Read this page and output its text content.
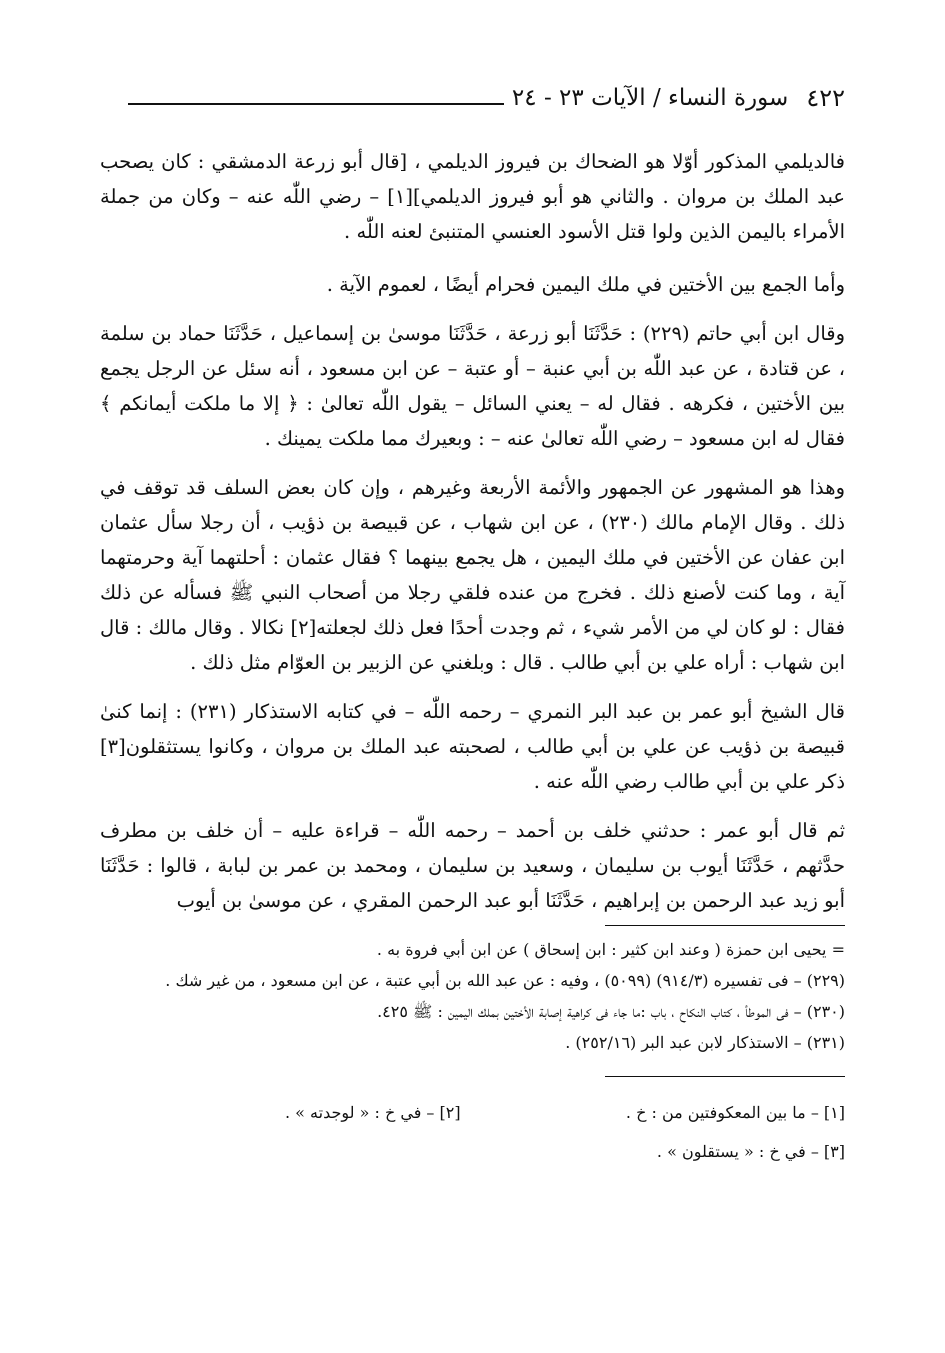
٤٢٢
سورة النساء / الآيات ٢٣ - ٢٤

فالديلمي المذكور أوّلا هو الضحاك بن فيروز الديلمي ، [قال أبو زرعة الدمشقي : كان يصحب عبد الملك بن مروان . والثاني هو أبو فيروز الديلمي]‏[١] – رضي اللّٰه عنه – وكان من جملة الأمراء باليمن الذين ولوا قتل الأسود العنسي المتنبئ لعنه اللّٰه .

وأما الجمع بين الأختين في ملك اليمين فحرام أيضًا ، لعموم الآية .

وقال ابن أبي حاتم (٢٢٩) : حَدَّثَنَا أبو زرعة ، حَدَّثَنَا موسىٰ بن إسماعيل ، حَدَّثَنَا حماد بن سلمة ، عن قتادة ، عن عبد اللّٰه بن أبي عنبة – أو عتبة – عن ابن مسعود ، أنه سئل عن الرجل يجمع بين الأختين ، فكرهه . فقال له – يعني السائل – يقول اللّٰه تعالىٰ : ﴿ إلا ما ملكت أيمانكم ﴾ فقال له ابن مسعود – رضي اللّٰه تعالىٰ عنه – : وبعيرك مما ملكت يمينك .

وهذا هو المشهور عن الجمهور والأئمة الأربعة وغيرهم ، وإن كان بعض السلف قد توقف في ذلك . وقال الإمام مالك (٢٣٠) ، عن ابن شهاب ، عن قبيصة بن ذؤيب ، أن رجلا سأل عثمان ابن عفان عن الأختين في ملك اليمين ، هل يجمع بينهما ؟ فقال عثمان : أحلتهما آية وحرمتهما آية ، وما كنت لأصنع ذلك . فخرج من عنده فلقي رجلا من أصحاب النبي ﷺ فسأله عن ذلك فقال : لو كان لي من الأمر شيء ، ثم وجدت أحدًا فعل ذلك لجعلته[٢] نكالا . وقال مالك : قال ابن شهاب : أراه علي بن أبي طالب . قال : وبلغني عن الزبير بن العوّام مثل ذلك .

قال الشيخ أبو عمر بن عبد البر النمري – رحمه اللّٰه – في كتابه الاستذكار (٢٣١) : إنما كنىٰ قبيصة بن ذؤيب عن علي بن أبي طالب ، لصحبته عبد الملك بن مروان ، وكانوا يستثقلون[٣] ذكر علي بن أبي طالب رضي اللّٰه عنه .

ثم قال أبو عمر : حدثني خلف بن أحمد – رحمه اللّٰه – قراءة عليه – أن خلف بن مطرف حدَّثهم ، حَدَّثَنَا أيوب بن سليمان ، وسعيد بن سليمان ، ومحمد بن عمر بن لبابة ، قالوا : حَدَّثَنَا أبو زيد عبد الرحمن بن إبراهيم ، حَدَّثَنَا أبو عبد الرحمن المقري ، عن موسىٰ بن أيوب

= يحيى ابن حمزة ( وعند ابن كثير : ابن إسحاق ) عن ابن أبي فروة به .

(٢٢٩) – فى تفسيره (٩١٤/٣) (٥٠٩٩) ، وفيه : عن عبد الله بن أبي عتبة ، عن ابن مسعود ، من غير شك .

(٢٣٠) – فى الموطأ ، كتاب النكاح ، باب :ما جاء فى كراهية إصابة الأختين بملك اليمين : ﷺ ٤٢٥.

(٢٣١) – الاستذكار لابن عبد البر (٢٥٢/١٦) .

[١] – ما بين المعكوفتين من : خ .
[٢] – في خ : « لوجدته » .

[٣] – في خ : « يستقلون » .
